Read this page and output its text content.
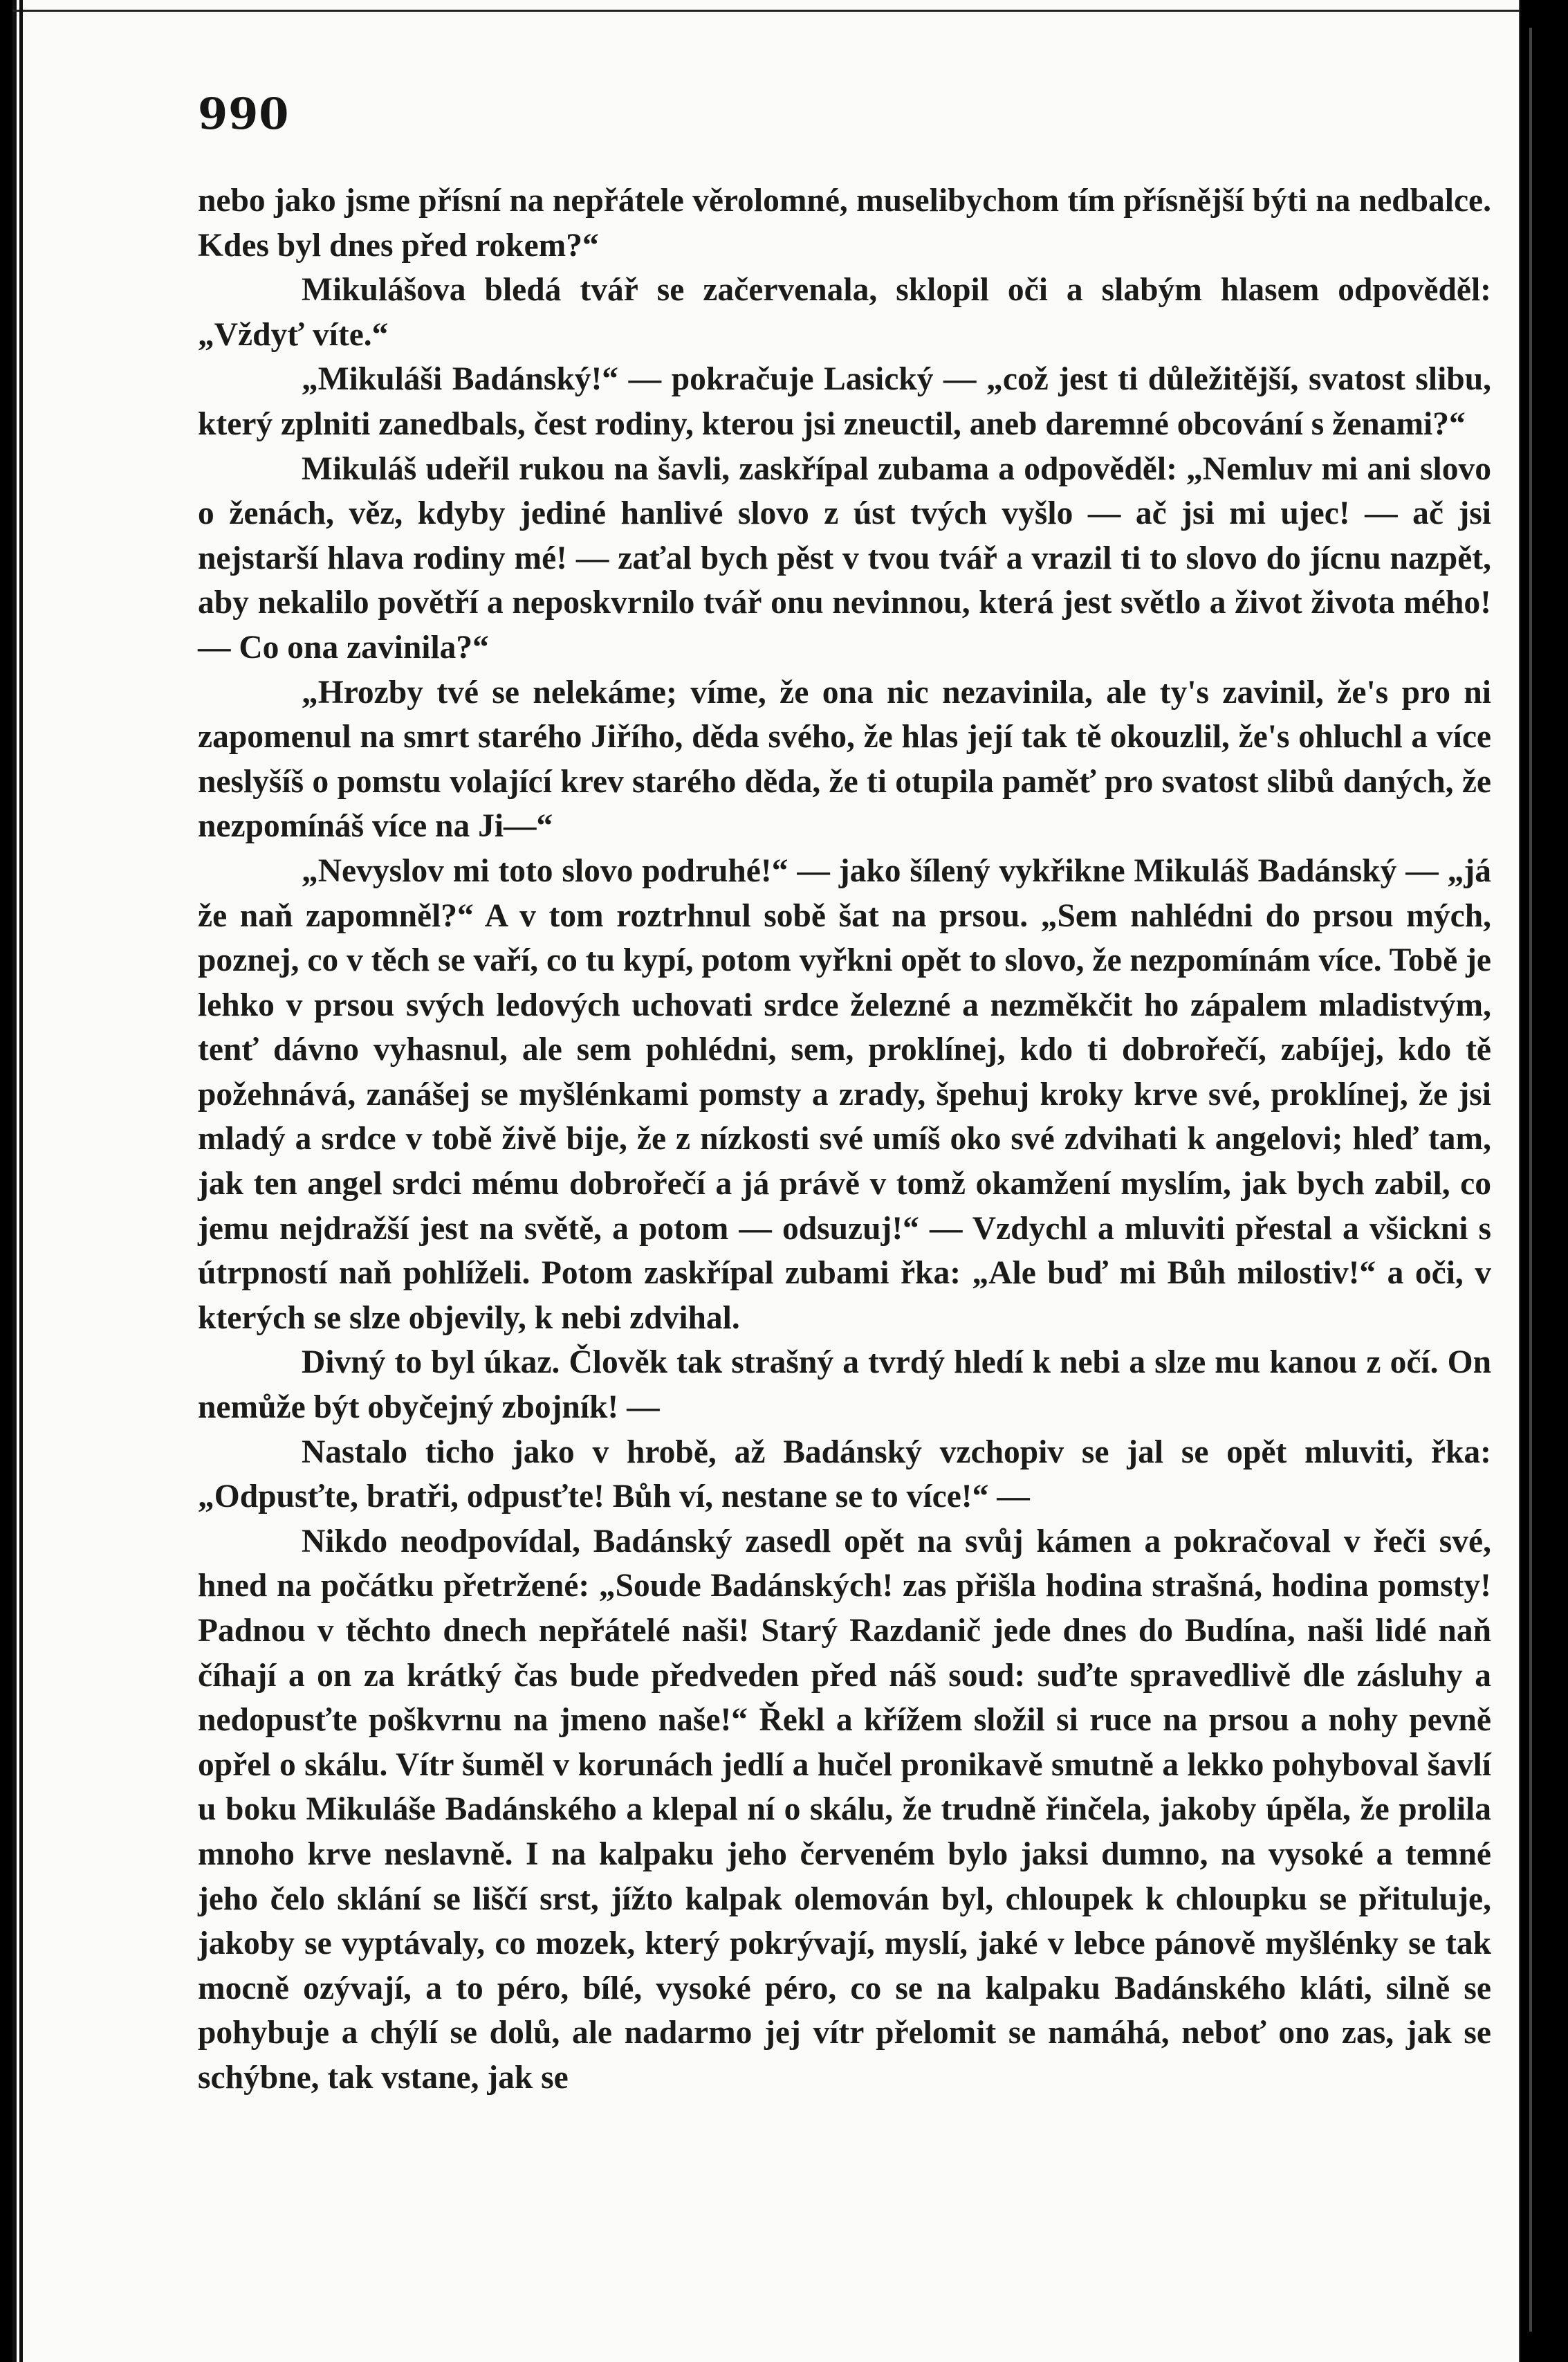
990

nebo jako jsme přísní na nepřátele věrolomné, muselibychom tím přísnější býti na nedbalce. Kdes byl dnes před rokem?“

Mikulášova bledá tvář se začervenala, sklopil oči a slabým hlasem odpověděl: „Vždyť víte.“

„Mikuláši Badánský!“ — pokračuje Lasický — „což jest ti důležitější, svatost slibu, který zplniti zanedbals, čest rodiny, kterou jsi zneuctil, aneb daremné obcování s ženami?“

Mikuláš udeřil rukou na šavli, zaskřípal zubama a odpověděl: „Nemluv mi ani slovo o ženách, věz, kdyby jediné hanlivé slovo z úst tvých vyšlo — ač jsi mi ujec! — ač jsi nejstarší hlava rodiny mé! — zaťal bych pěst v tvou tvář a vrazil ti to slovo do jícnu nazpět, aby nekalilo povětří a neposkvrnilo tvář onu nevinnou, která jest světlo a život života mého! — Co ona zavinila?“

„Hrozby tvé se nelekáme; víme, že ona nic nezavinila, ale ty's zavinil, že's pro ni zapomenul na smrt starého Jiřího, děda svého, že hlas její tak tě okouzlil, že's ohluchl a více neslyšíš o pomstu volající krev starého děda, že ti otupila paměť pro svatost slibů daných, že nezpomínáš více na Ji—“

„Nevyslov mi toto slovo podruhé!“ — jako šílený vykřikne Mikuláš Badánský — „já že naň zapomněl?“ A v tom roztrhnul sobě šat na prsou. „Sem nahlédni do prsou mých, poznej, co v těch se vaří, co tu kypí, potom vyřkni opět to slovo, že nezpomínám více. Tobě je lehko v prsou svých ledových uchovati srdce železné a nezměkčit ho zápalem mladistvým, tenť dávno vyhasnul, ale sem pohlédni, sem, proklínej, kdo ti dobrořečí, zabíjej, kdo tě požehnává, zanášej se myšlénkami pomsty a zrady, špehuj kroky krve své, proklínej, že jsi mladý a srdce v tobě živě bije, že z nízkosti své umíš oko své zdvihati k angelovi; hleď tam, jak ten angel srdci mému dobrořečí a já právě v tomž okamžení myslím, jak bych zabil, co jemu nejdražší jest na světě, a potom — odsuzuj!“ — Vzdychl a mluviti přestal a všickni s útrpností naň pohlíželi. Potom zaskřípal zubami řka: „Ale buď mi Bůh milostiv!“ a oči, v kterých se slze objevily, k nebi zdvihal.

Divný to byl úkaz. Člověk tak strašný a tvrdý hledí k nebi a slze mu kanou z očí. On nemůže být obyčejný zbojník! —

Nastalo ticho jako v hrobě, až Badánský vzchopiv se jal se opět mluviti, řka: „Odpusťte, bratři, odpusťte! Bůh ví, nestane se to více!“ —

Nikdo neodpovídal, Badánský zasedl opět na svůj kámen a pokračoval v řeči své, hned na počátku přetržené: „Soude Badánských! zas přišla hodina strašná, hodina pomsty! Padnou v těchto dnech nepřátelé naši! Starý Razdanič jede dnes do Budína, naši lidé naň číhají a on za krátký čas bude předveden před náš soud: suďte spravedlivě dle zásluhy a nedopusťte poškvrnu na jmeno naše!“ Řekl a křížem složil si ruce na prsou a nohy pevně opřel o skálu. Vítr šuměl v korunách jedlí a hučel pronikavě smutně a lekko pohyboval šavlí u boku Mikuláše Badánského a klepal ní o skálu, že trudně řinčela, jakoby úpěla, že prolila mnoho krve neslavně. I na kalpaku jeho červeném bylo jaksi dumno, na vysoké a temné jeho čelo sklání se liščí srst, jížto kalpak olemován byl, chloupek k chloupku se přituluje, jakoby se vyptávaly, co mozek, který pokrývají, myslí, jaké v lebce pánově myšlénky se tak mocně ozývají, a to péro, bílé, vysoké péro, co se na kalpaku Badánského kláti, silně se pohybuje a chýlí se dolů, ale nadarmo jej vítr přelomit se namáhá, neboť ono zas, jak se schýbne, tak vstane, jak se
